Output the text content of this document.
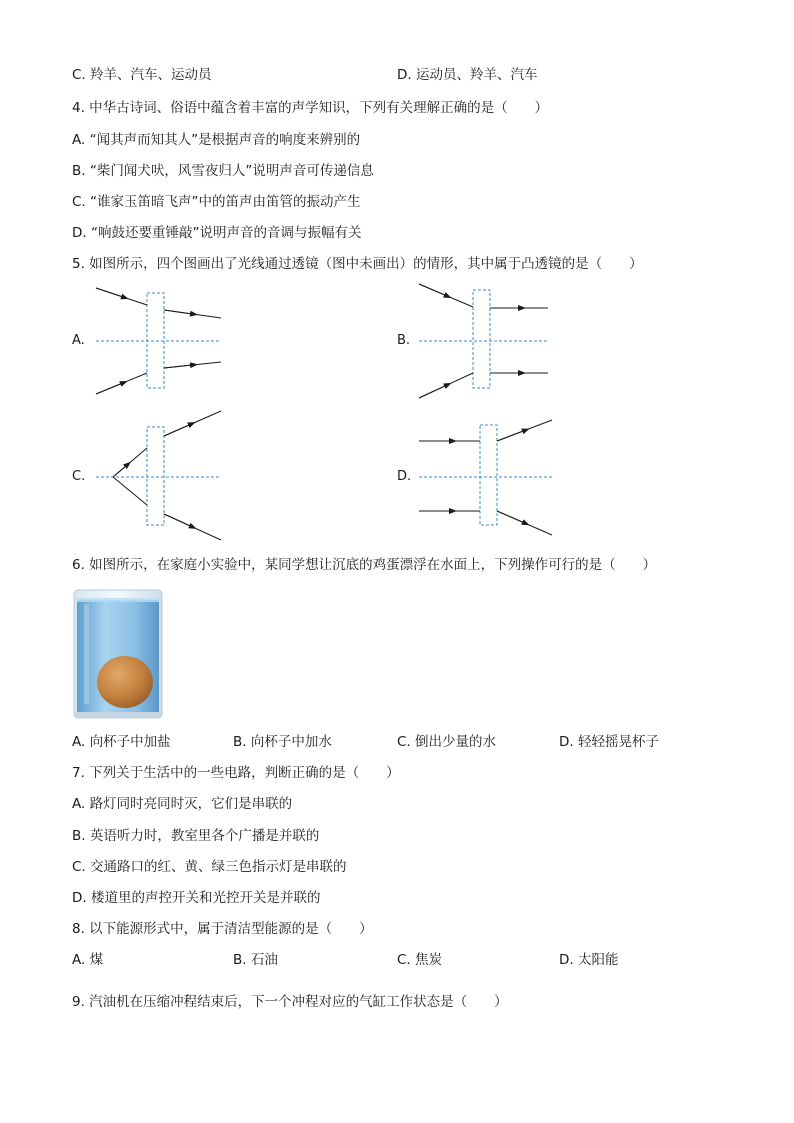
C. 羚羊、汽车、运动员	D. 运动员、羚羊、汽车
4. 中华古诗词、俗语中蕴含着丰富的声学知识，下列有关理解正确的是（　　）
A. “闻其声而知其人”是根据声音的响度来辨别的
B. “柴门闻犬吠，风雪夜归人”说明声音可传递信息
C. “谁家玉笛暗飞声”中的笛声由笛管的振动产生
D. “响鼓还要重锤敲”说明声音的音调与振幅有关
5. 如图所示，四个图画出了光线通过透镜（图中未画出）的情形，其中属于凸透镜的是（　　）
A.	B.
C.	D.
6. 如图所示，在家庭小实验中，某同学想让沉底的鸡蛋漂浮在水面上，下列操作可行的是（　　）
A. 向杯子中加盐	B. 向杯子中加水	C. 倒出少量的水	D. 轻轻摇晃杯子
7. 下列关于生活中的一些电路，判断正确的是（　　）
A. 路灯同时亮同时灭，它们是串联的
B. 英语听力时，教室里各个广播是并联的
C. 交通路口的红、黄、绿三色指示灯是串联的
D. 楼道里的声控开关和光控开关是并联的
8. 以下能源形式中，属于清洁型能源的是（　　）
A. 煤	B. 石油	C. 焦炭	D. 太阳能
9. 汽油机在压缩冲程结束后，下一个冲程对应的气缸工作状态是（　　）
